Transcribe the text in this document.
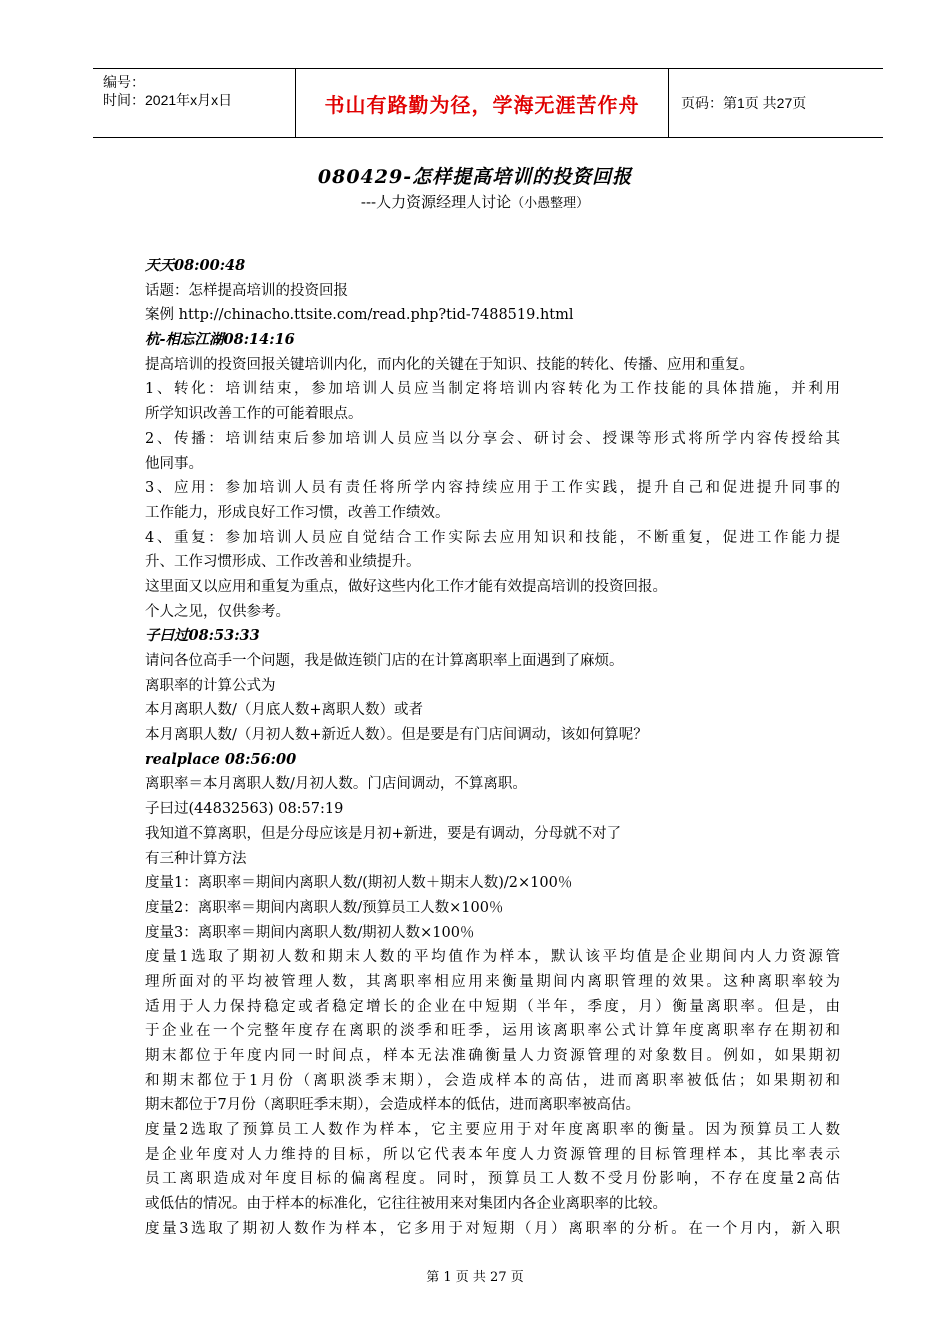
编号：
时间：2021年x月x日	书山有路勤为径，学海无涯苦作舟	页码：第1页 共27页
080429-怎样提高培训的投资回报
---人力资源经理人讨论（小愚整理）
天天08:00:48
话题：怎样提高培训的投资回报
案例 http://chinacho.ttsite.com/read.php?tid-7488519.html
杭-相忘江湖08:14:16
提高培训的投资回报关键培训内化，而内化的关键在于知识、技能的转化、传播、应用和重复。
1、转化：培训结束，参加培训人员应当制定将培训内容转化为工作技能的具体措施，并利用
所学知识改善工作的可能着眼点。
2、传播：培训结束后参加培训人员应当以分享会、研讨会、授课等形式将所学内容传授给其
他同事。
3、应用：参加培训人员有责任将所学内容持续应用于工作实践，提升自己和促进提升同事的
工作能力，形成良好工作习惯，改善工作绩效。
4、重复：参加培训人员应自觉结合工作实际去应用知识和技能，不断重复，促进工作能力提
升、工作习惯形成、工作改善和业绩提升。
这里面又以应用和重复为重点，做好这些内化工作才能有效提高培训的投资回报。
个人之见，仅供参考。
子曰过08:53:33
请问各位高手一个问题，我是做连锁门店的在计算离职率上面遇到了麻烦。
离职率的计算公式为
本月离职人数/（月底人数+离职人数）或者
本月离职人数/（月初人数+新近人数）。但是要是有门店间调动，该如何算呢？
realplace 08:56:00
离职率＝本月离职人数/月初人数。门店间调动，不算离职。
子曰过(44832563) 08:57:19
我知道不算离职，但是分母应该是月初+新进，要是有调动，分母就不对了
有三种计算方法
度量1：离职率＝期间内离职人数/(期初人数＋期末人数)/2×100％
度量2：离职率＝期间内离职人数/预算员工人数×100％
度量3：离职率＝期间内离职人数/期初人数×100％
度量1选取了期初人数和期末人数的平均值作为样本，默认该平均值是企业期间内人力资源管
理所面对的平均被管理人数，其离职率相应用来衡量期间内离职管理的效果。这种离职率较为
适用于人力保持稳定或者稳定增长的企业在中短期（半年，季度，月）衡量离职率。但是，由
于企业在一个完整年度存在离职的淡季和旺季，运用该离职率公式计算年度离职率存在期初和
期末都位于年度内同一时间点，样本无法准确衡量人力资源管理的对象数目。例如，如果期初
和期末都位于1月份（离职淡季末期），会造成样本的高估，进而离职率被低估；如果期初和
期末都位于7月份（离职旺季末期），会造成样本的低估，进而离职率被高估。
度量2选取了预算员工人数作为样本，它主要应用于对年度离职率的衡量。因为预算员工人数
是企业年度对人力维持的目标，所以它代表本年度人力资源管理的目标管理样本，其比率表示
员工离职造成对年度目标的偏离程度。同时，预算员工人数不受月份影响，不存在度量2高估
或低估的情况。由于样本的标准化，它往往被用来对集团内各企业离职率的比较。
度量3选取了期初人数作为样本，它多用于对短期（月）离职率的分析。在一个月内，新入职
第 1 页 共 27 页
